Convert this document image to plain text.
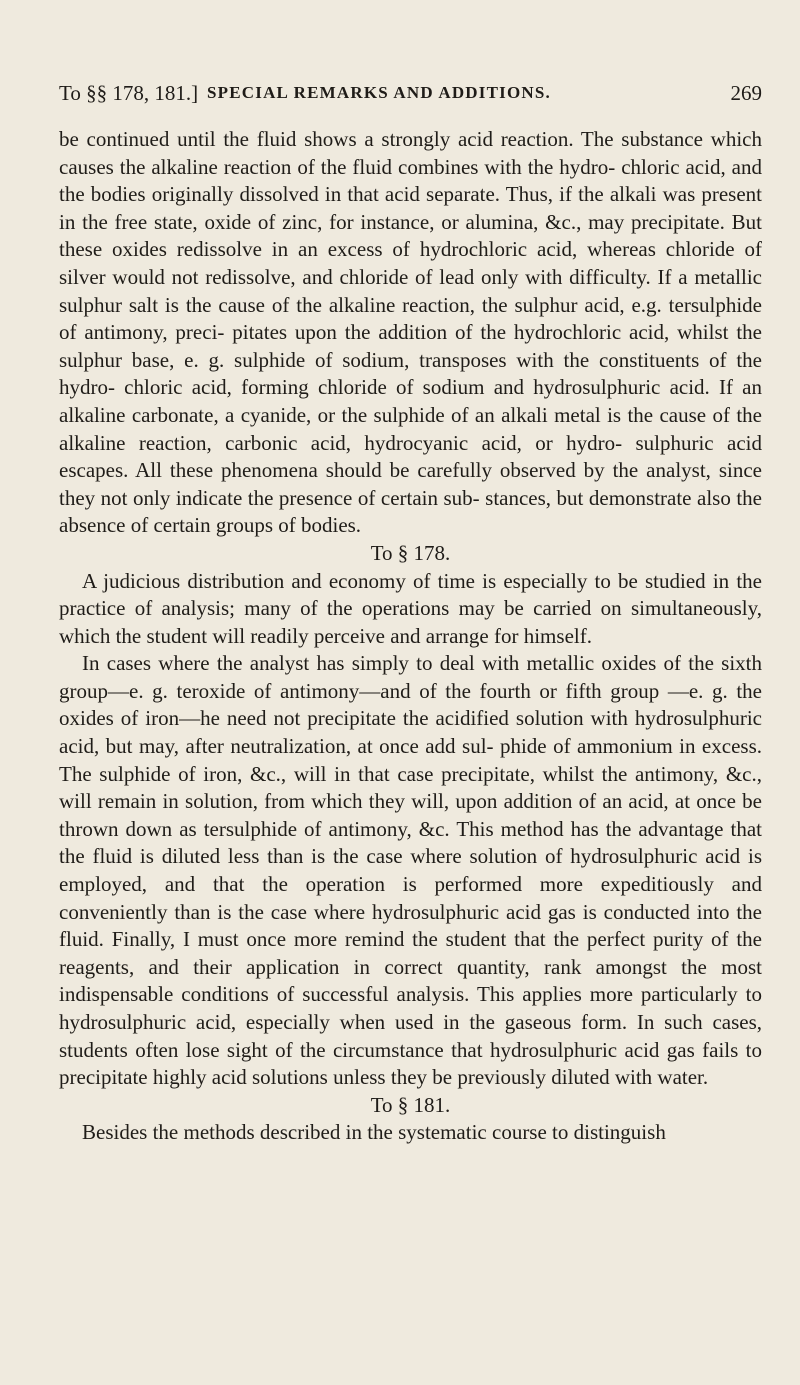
To §§ 178, 181.] SPECIAL REMARKS AND ADDITIONS.	269

be continued until the fluid shows a strongly acid reaction. The substance which causes the alkaline reaction of the fluid combines with the hydro- chloric acid, and the bodies originally dissolved in that acid separate. Thus, if the alkali was present in the free state, oxide of zinc, for instance, or alumina, &c., may precipitate. But these oxides redissolve in an excess of hydrochloric acid, whereas chloride of silver would not redissolve, and chloride of lead only with difficulty. If a metallic sulphur salt is the cause of the alkaline reaction, the sulphur acid, e.g. tersulphide of antimony, preci- pitates upon the addition of the hydrochloric acid, whilst the sulphur base, e. g. sulphide of sodium, transposes with the constituents of the hydro- chloric acid, forming chloride of sodium and hydrosulphuric acid. If an alkaline carbonate, a cyanide, or the sulphide of an alkali metal is the cause of the alkaline reaction, carbonic acid, hydrocyanic acid, or hydro- sulphuric acid escapes. All these phenomena should be carefully observed by the analyst, since they not only indicate the presence of certain sub- stances, but demonstrate also the absence of certain groups of bodies.

To § 178.

A judicious distribution and economy of time is especially to be studied in the practice of analysis; many of the operations may be carried on simultaneously, which the student will readily perceive and arrange for himself.

In cases where the analyst has simply to deal with metallic oxides of the sixth group—e. g. teroxide of antimony—and of the fourth or fifth group —e. g. the oxides of iron—he need not precipitate the acidified solution with hydrosulphuric acid, but may, after neutralization, at once add sul- phide of ammonium in excess. The sulphide of iron, &c., will in that case precipitate, whilst the antimony, &c., will remain in solution, from which they will, upon addition of an acid, at once be thrown down as tersulphide of antimony, &c. This method has the advantage that the fluid is diluted less than is the case where solution of hydrosulphuric acid is employed, and that the operation is performed more expeditiously and conveniently than is the case where hydrosulphuric acid gas is conducted into the fluid. Finally, I must once more remind the student that the perfect purity of the reagents, and their application in correct quantity, rank amongst the most indispensable conditions of successful analysis. This applies more particularly to hydrosulphuric acid, especially when used in the gaseous form. In such cases, students often lose sight of the circumstance that hydrosulphuric acid gas fails to precipitate highly acid solutions unless they be previously diluted with water.

To § 181.

Besides the methods described in the systematic course to distinguish
